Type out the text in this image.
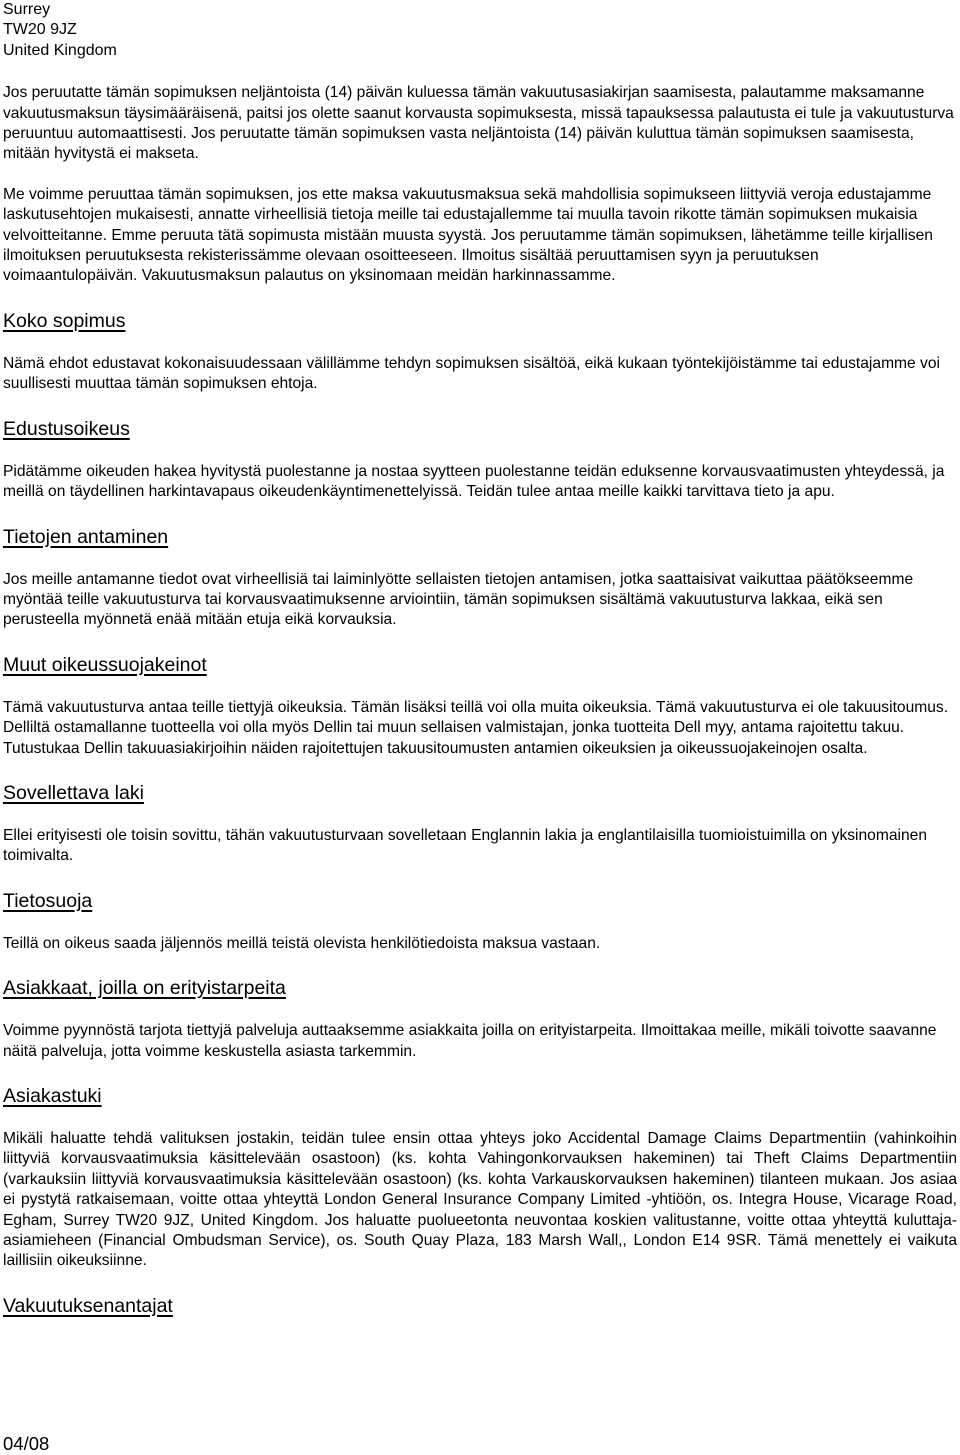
Surrey
TW20 9JZ
United Kingdom

Jos peruutatte tämän sopimuksen neljäntoista (14) päivän kuluessa tämän vakuutusasiakirjan saamisesta, palautamme maksamanne vakuutusmaksun täysimääräisenä, paitsi jos olette saanut korvausta sopimuksesta, missä tapauksessa palautusta ei tule ja vakuutusturva peruuntuu automaattisesti. Jos peruutatte tämän sopimuksen vasta neljäntoista (14) päivän kuluttua tämän sopimuksen saamisesta, mitään hyvitystä ei makseta.

Me voimme peruuttaa tämän sopimuksen, jos ette maksa vakuutusmaksua sekä mahdollisia sopimukseen liittyviä veroja edustajamme laskutusehtojen mukaisesti, annatte virheellisiä tietoja meille tai edustajallemme tai muulla tavoin rikotte tämän sopimuksen mukaisia velvoitteitanne. Emme peruuta tätä sopimusta mistään muusta syystä. Jos peruutamme tämän sopimuksen, lähetämme teille kirjallisen ilmoituksen peruutuksesta rekisterissämme olevaan osoitteeseen. Ilmoitus sisältää peruuttamisen syyn ja peruutuksen voimaantulopäivän. Vakuutusmaksun palautus on yksinomaan meidän harkinnassamme.

Koko sopimus

Nämä ehdot edustavat kokonaisuudessaan välillämme tehdyn sopimuksen sisältöä, eikä kukaan työntekijöistämme tai edustajamme voi suullisesti muuttaa tämän sopimuksen ehtoja.

Edustusoikeus

Pidätämme oikeuden hakea hyvitystä puolestanne ja nostaa syytteen puolestanne teidän eduksenne korvausvaatimusten yhteydessä, ja meillä on täydellinen harkintavapaus oikeudenkäyntimenettelyissä. Teidän tulee antaa meille kaikki tarvittava tieto ja apu.

Tietojen antaminen

Jos meille antamanne tiedot ovat virheellisiä tai laiminlyötte sellaisten tietojen antamisen, jotka saattaisivat vaikuttaa päätökseemme myöntää teille vakuutusturva tai korvausvaatimuksenne arviointiin, tämän sopimuksen sisältämä vakuutusturva lakkaa, eikä sen perusteella myönnetä enää mitään etuja eikä korvauksia.

Muut oikeussuojakeinot

Tämä vakuutusturva antaa teille tiettyjä oikeuksia. Tämän lisäksi teillä voi olla muita oikeuksia. Tämä vakuutusturva ei ole takuusitoumus. Delliltä ostamallanne tuotteella voi olla myös Dellin tai muun sellaisen valmistajan, jonka tuotteita Dell myy, antama rajoitettu takuu. Tutustukaa Dellin takuuasiakirjoihin näiden rajoitettujen takuusitoumusten antamien oikeuksien ja oikeussuojakeinojen osalta.

Sovellettava laki

Ellei erityisesti ole toisin sovittu, tähän vakuutusturvaan sovelletaan Englannin lakia ja englantilaisilla tuomioistuimilla on yksinomainen toimivalta.

Tietosuoja

Teillä on oikeus saada jäljennös meillä teistä olevista henkilötiedoista maksua vastaan.

Asiakkaat, joilla on erityistarpeita

Voimme pyynnöstä tarjota tiettyjä palveluja auttaaksemme asiakkaita joilla on erityistarpeita. Ilmoittakaa meille, mikäli toivotte saavanne näitä palveluja, jotta voimme keskustella asiasta tarkemmin.

Asiakastuki

Mikäli haluatte tehdä valituksen jostakin, teidän tulee ensin ottaa yhteys joko Accidental Damage Claims Departmentiin (vahinkoihin liittyviä korvausvaatimuksia käsittelevään osastoon) (ks. kohta Vahingonkorvauksen hakeminen) tai Theft Claims Departmentiin (varkauksiin liittyviä korvausvaatimuksia käsittelevään osastoon) (ks. kohta Varkauskorvauksen hakeminen) tilanteen mukaan. Jos asiaa ei pystytä ratkaisemaan, voitte ottaa yhteyttä London General Insurance Company Limited -yhtiöön, os. Integra House, Vicarage Road, Egham, Surrey TW20 9JZ, United Kingdom. Jos haluatte puolueetonta neuvontaa koskien valitustanne, voitte ottaa yhteyttä kuluttaja-asiamieheen (Financial Ombudsman Service), os. South Quay Plaza, 183 Marsh Wall,, London E14 9SR. Tämä menettely ei vaikuta laillisiin oikeuksiinne.

Vakuutuksenantajat
04/08
